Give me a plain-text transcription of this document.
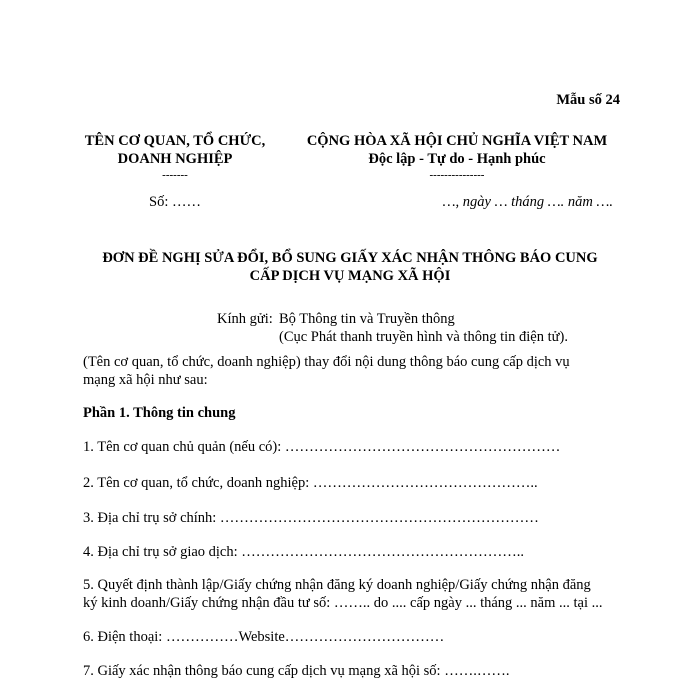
Mẫu số 24
TÊN CƠ QUAN, TỔ CHỨC,
DOANH NGHIỆP
-------
CỘNG HÒA XÃ HỘI CHỦ NGHĨA VIỆT NAM
Độc lập - Tự do - Hạnh phúc
---------------
Số: ……	…, ngày … tháng …. năm ….
ĐƠN ĐỀ NGHỊ SỬA ĐỔI, BỔ SUNG GIẤY XÁC NHẬN THÔNG BÁO CUNG
CẤP DỊCH VỤ MẠNG XÃ HỘI
Kính gửi: Bộ Thông tin và Truyền thông
(Cục Phát thanh truyền hình và thông tin điện tử).
(Tên cơ quan, tổ chức, doanh nghiệp) thay đổi nội dung thông báo cung cấp dịch vụ
mạng xã hội như sau:
Phần 1. Thông tin chung
1. Tên cơ quan chủ quản (nếu có): …………………………………………………
2. Tên cơ quan, tổ chức, doanh nghiệp: ………………………………………..
3. Địa chỉ trụ sở chính: …………………………………………………………
4. Địa chỉ trụ sở giao dịch: …………………………………………………..
5. Quyết định thành lập/Giấy chứng nhận đăng ký doanh nghiệp/Giấy chứng nhận đăng
ký kinh doanh/Giấy chứng nhận đầu tư số: …….. do .... cấp ngày ... tháng ... năm ... tại ...
6. Điện thoại: ……………Website……………………………
7. Giấy xác nhận thông báo cung cấp dịch vụ mạng xã hội số: …….…….
